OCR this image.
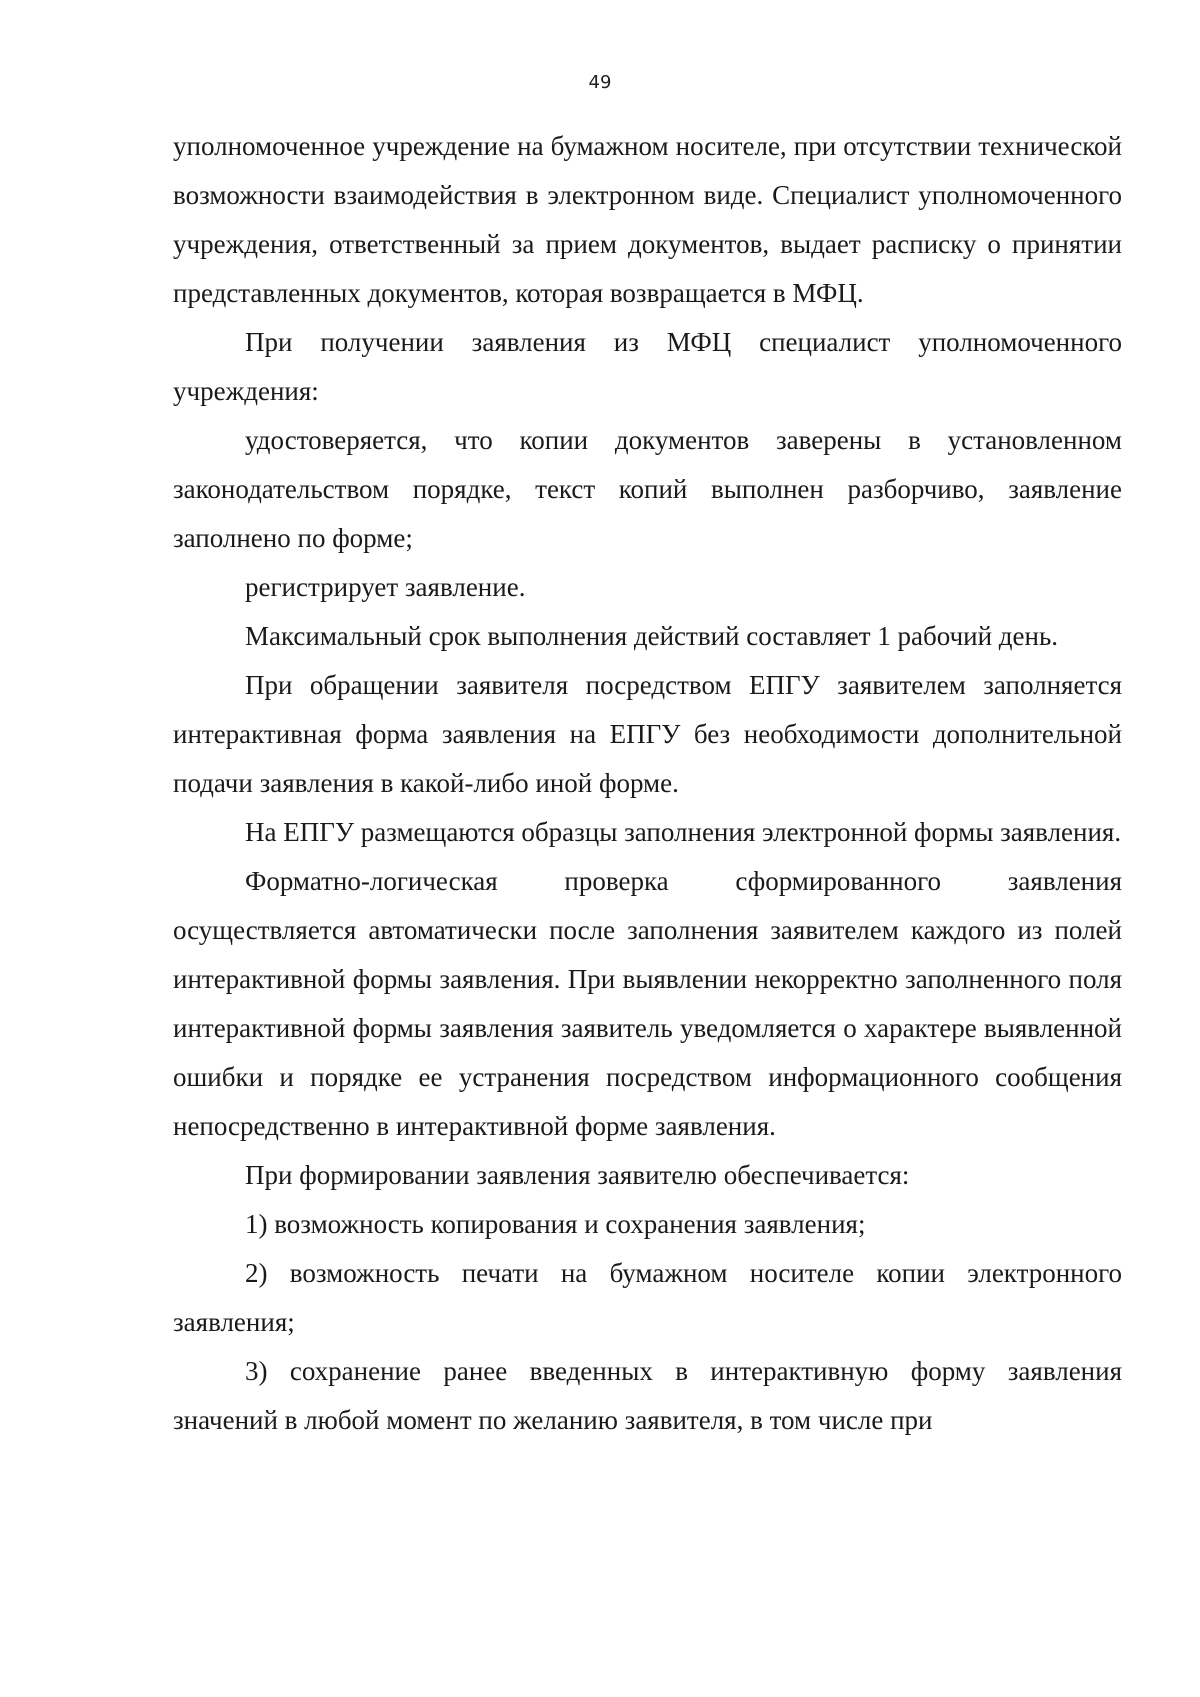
49

уполномоченное учреждение на бумажном носителе, при отсутствии технической возможности взаимодействия в электронном виде. Специалист уполномоченного учреждения, ответственный за прием документов, выдает расписку о принятии представленных документов, которая возвращается в МФЦ.

При получении заявления из МФЦ специалист уполномоченного учреждения:

удостоверяется, что копии документов заверены в установленном законодательством порядке, текст копий выполнен разборчиво, заявление заполнено по форме;

регистрирует заявление.

Максимальный срок выполнения действий составляет 1 рабочий день.

При обращении заявителя посредством ЕПГУ заявителем заполняется интерактивная форма заявления на ЕПГУ без необходимости дополнительной подачи заявления в какой-либо иной форме.

На ЕПГУ размещаются образцы заполнения электронной формы заявления.

Форматно-логическая проверка сформированного заявления осуществляется автоматически после заполнения заявителем каждого из полей интерактивной формы заявления. При выявлении некорректно заполненного поля интерактивной формы заявления заявитель уведомляется о характере выявленной ошибки и порядке ее устранения посредством информационного сообщения непосредственно в интерактивной форме заявления.

При формировании заявления заявителю обеспечивается:

1) возможность копирования и сохранения заявления;

2) возможность печати на бумажном носителе копии электронного заявления;

3) сохранение ранее введенных в интерактивную форму заявления значений в любой момент по желанию заявителя, в том числе при
